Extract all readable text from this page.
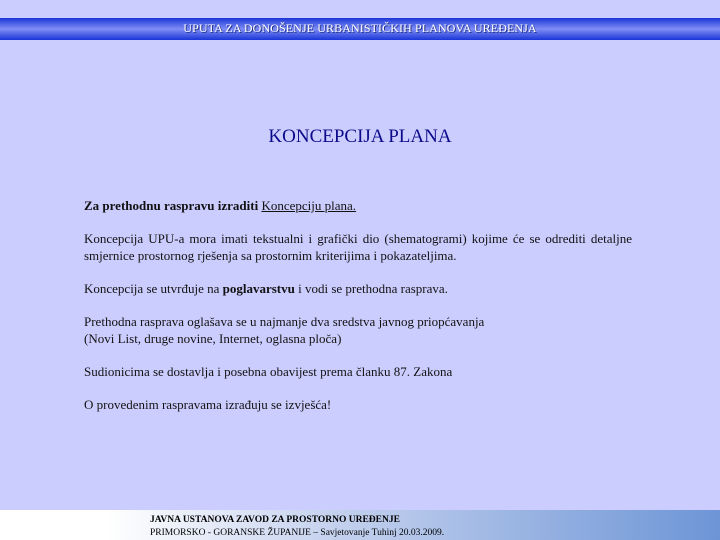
UPUTA ZA DONOŠENJE URBANISTIČKIH PLANOVA UREĐENJA
KONCEPCIJA PLANA

Za prethodnu raspravu izraditi Koncepciju plana.

Koncepcija UPU-a mora imati tekstualni i grafički dio (shematogrami) kojime će se odrediti detaljne smjernice prostornog rješenja sa prostornim kriterijima i pokazateljima.

Koncepcija se utvrđuje na poglavarstvu i vodi se prethodna rasprava.

Prethodna rasprava oglašava se u najmanje dva sredstva javnog priopćavanja
(Novi List, druge novine, Internet, oglasna ploča)

Sudionicima se dostavlja i posebna obavijest prema članku 87. Zakona

O provedenim raspravama izrađuju se izvješća!

JAVNA USTANOVA ZAVOD ZA PROSTORNO UREĐENJE
PRIMORSKO - GORANSKE ŽUPANIJE – Savjetovanje Tuhinj 20.03.2009.
